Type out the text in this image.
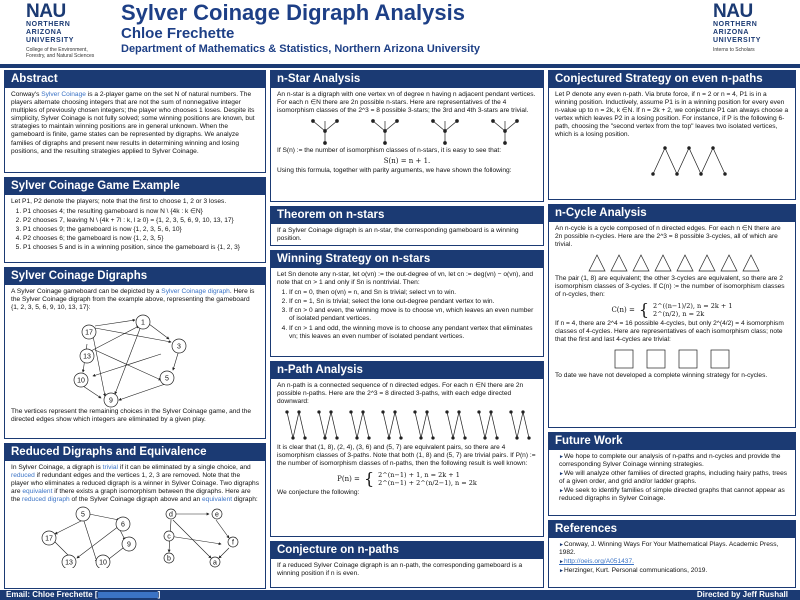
NAU
NORTHERN
ARIZONA
UNIVERSITY
College of the Environment, Forestry, and Natural Sciences
Sylver Coinage Digraph Analysis
Chloe Frechette
Department of Mathematics & Statistics, Northern Arizona University
NAU
NORTHERN
ARIZONA
UNIVERSITY
Interns to Scholars
Abstract
Conway's Sylver Coinage is a 2-player game on the set N of natural numbers. The players alternate choosing integers that are not the sum of nonnegative integer multiples of previously chosen integers; the player who chooses 1 loses. Despite its simplicity, Sylver Coinage is not fully solved; some winning positions are known, but strategies to maintain winning positions are in general unknown. When the gameboard is finite, game states can be represented by digraphs. We analyze families of digraphs and present new results in determining winning and losing positions, and the resulting strategies applied to Sylver Coinage.
Sylver Coinage Game Example

Let P1, P2 denote the players; note that the first to choose 1, 2 or 3 loses.

1. P1 chooses 4; the resulting gameboard is now N \ {4k : k ∈N}
2. P2 chooses 7, leaving N \ {4k + 7l : k, l ≥ 0} = {1, 2, 3, 5, 6, 9, 10, 13, 17}
3. P1 chooses 9; the gameboard is now {1, 2, 3, 5, 6, 10}
4. P2 chooses 6; the gameboard is now {1, 2, 3, 5}
5. P1 chooses 5 and is in a winning position, since the gameboard is {1, 2, 3}
Sylver Coinage Digraphs

A Sylver Coinage gameboard can be depicted by a Sylver Coinage digraph. Here is the Sylver Coinage digraph from the example above, representing the gameboard {1, 2, 3, 5, 6, 9, 10, 13, 17}:

17
1
3
5
13
10
9

The vertices represent the remaining choices in the Sylver Coinage game, and the directed edges show which integers are eliminated by a given play.

Reduced Digraphs and Equivalence

In Sylver Coinage, a digraph is trivial if it can be eliminated by a single choice, and reduced if redundant edges and the vertices 1, 2, 3 are removed. Note that the player who eliminates a reduced digraph is a winner in Sylver Coinage. Two digraphs are equivalent if there exists a graph isomorphism between the digraphs. Here are the reduced digraph of the Sylver Coinage digraph above and an equivalent digraph:

5
6
17
9
13	10
d	e
c
f
b
a
n-Star Analysis

An n-star is a digraph with one vertex vn of degree n having n adjacent pendant vertices. For each n ∈N there are 2n possible n-stars. Here are representatives of the 4 isomorphism classes of the 2^3 = 8 possible 3-stars; the 3rd and 4th 3-stars are trivial.

If S(n) := the number of isomorphism classes of n-stars, it is easy to see that:

S(n) = n + 1.

Using this formula, together with parity arguments, we have shown the following:

Theorem on n-stars
If a Sylver Coinage digraph is an n-star, the corresponding gameboard is a winning position.
Winning Strategy on n-stars

Let Sn denote any n-star, let o(vn) := the out-degree of vn, let cn := deg(vn) − o(vn), and note that cn > 1 and only if Sn is nontrivial. Then:

1. If cn = 0, then o(vn) = n, and Sn is trivial; select vn to win.
2. If cn = 1, Sn is trivial; select the lone out-degree pendant vertex to win.
3. If cn > 0 and even, the winning move is to choose vn, which leaves an even number of isolated pendant vertices.
4. If cn > 1 and odd, the winning move is to choose any pendant vertex that eliminates vn; this leaves an even number of isolated pendant vertices.
n-Path Analysis

An n-path is a connected sequence of n directed edges. For each n ∈N there are 2n possible n-paths. Here are the 2^3 = 8 directed 3-paths, with each edge directed downward:

It is clear that (1, 8), (2, 4), (3, 6) and (5, 7) are equivalent pairs, so there are 4 isomorphism classes of 3-paths. Note that both (1, 8) and (5, 7) are trivial pairs. If P(n) := the number of isomorphism classes of n-paths, then the following result is well known:

P(n) = { 2^(n−1) + 1, n = 2k + 1
2^(n−1) + 2^(n/2−1), n = 2k

We conjecture the following:

Conjecture on n-paths
If a reduced Sylver Coinage digraph is an n-path, the corresponding gameboard is a winning position if n is even.
Conjectured Strategy on even n-paths

Let P denote any even n-path. Via brute force, if n = 2 or n = 4, P1 is in a winning position. Inductively, assume P1 is in a winning position for every even n-value up to n = 2k, k ∈N. If n = 2k + 2, we conjecture P1 can always choose a vertex which leaves P2 in a losing position. For instance, if P is the following 6-path, choosing the "second vertex from the top" leaves two isolated vertices, which is a losing position.

n-Cycle Analysis

An n-cycle is a cycle composed of n directed edges. For each n ∈N there are 2n possible n-cycles. Here are the 2^3 = 8 possible 3-cycles, all of which are trivial.

The pair (1, 8) are equivalent; the other 3-cycles are equivalent, so there are 2 isomorphism classes of 3-cycles. If C(n) := the number of isomorphism classes of n-cycles, then:

C(n) = { 2^((n−1)/2), n = 2k + 1
2^(n/2), n = 2k

If n = 4, there are 2^4 = 16 possible 4-cycles, but only 2^(4/2) = 4 isomorphism classes of 4-cycles. Here are representatives of each isomorphism class; note that the first and last 4-cycles are trivial:

To date we have not developed a complete winning strategy for n-cycles.

Future Work
► We hope to complete our analysis of n-paths and n-cycles and provide the corresponding Sylver Coinage winning strategies.
► We will analyze other families of directed graphs, including hairy paths, trees of a given order, and grid and/or ladder graphs.
► We seek to identify families of simple directed graphs that cannot appear as reduced digraphs in Sylver Coinage.
References
► Conway, J. Winning Ways For Your Mathematical Plays. Academic Press, 1982.
► http://oeis.org/A051437.
► Herzinger, Kurt. Personal communications, 2019.
Email: Chloe Frechette [	]	Directed by Jeff Rushall
